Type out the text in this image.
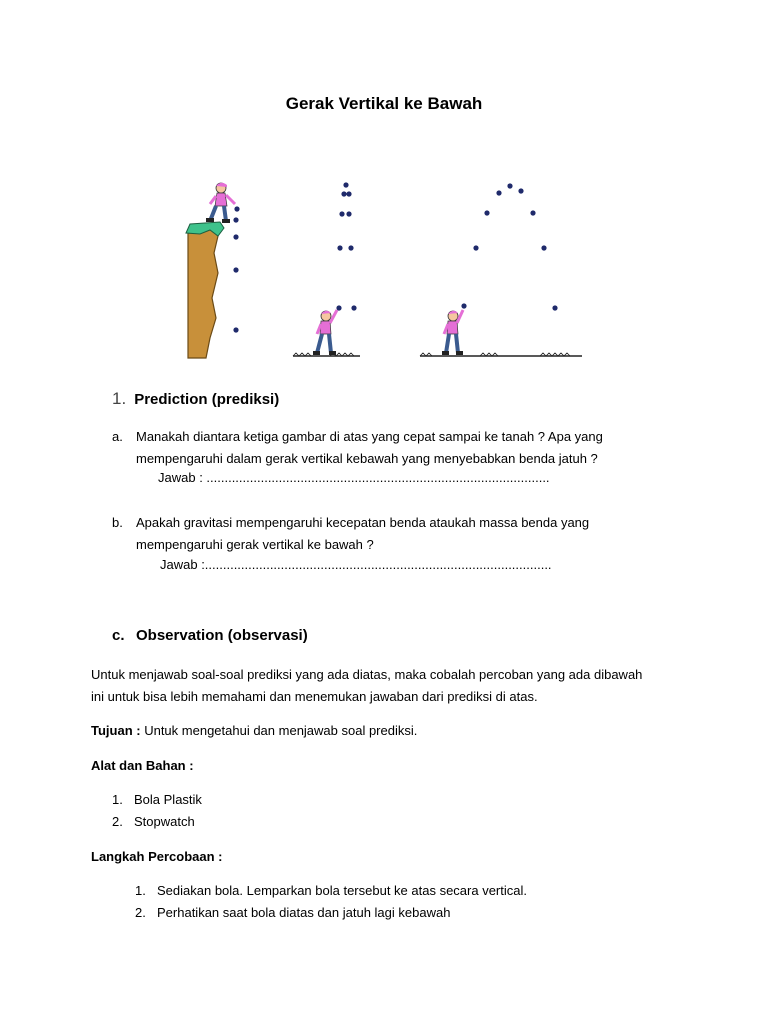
Gerak Vertikal ke Bawah
1. Prediction (prediksi)
a.	Manakah diantara ketiga gambar di atas yang cepat sampai ke tanah ? Apa yang
mempengaruhi dalam gerak vertikal kebawah yang menyebabkan benda jatuh ?
Jawab : ...............................................................................................
b.	Apakah gravitasi mempengaruhi kecepatan benda ataukah massa benda yang
mempengaruhi gerak vertikal ke bawah ?
Jawab :................................................................................................
c. Observation (observasi)
Untuk menjawab soal-soal prediksi yang ada diatas, maka cobalah percoban yang ada dibawah
ini untuk bisa lebih memahami dan menemukan jawaban dari prediksi di atas.
Tujuan : Untuk mengetahui dan menjawab soal prediksi.
Alat dan Bahan :
1. Bola Plastik
2. Stopwatch
Langkah Percobaan :
1. Sediakan bola. Lemparkan bola tersebut ke atas secara vertical.
2. Perhatikan saat bola diatas dan jatuh lagi kebawah
